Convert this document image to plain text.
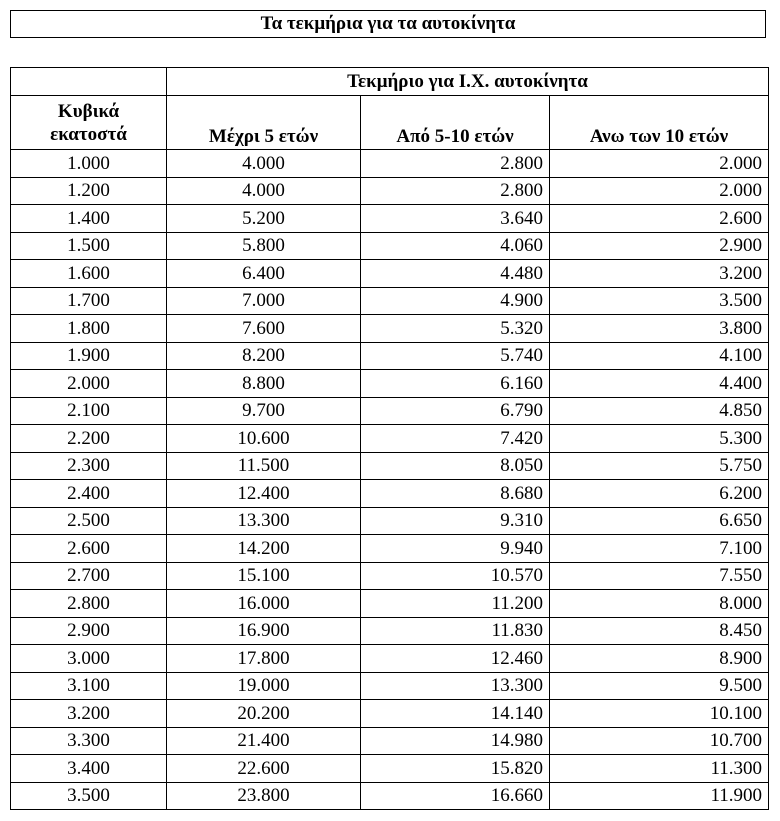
Τα τεκμήρια για τα αυτοκίνητα
	Τεκμήριο για Ι.Χ. αυτοκίνητα		
Κυβικά
εκατοστά	Μέχρι 5 ετών	Από 5-10 ετών	Ανω των 10 ετών
1.000	4.000	2.800	2.000
1.200	4.000	2.800	2.000
1.400	5.200	3.640	2.600
1.500	5.800	4.060	2.900
1.600	6.400	4.480	3.200
1.700	7.000	4.900	3.500
1.800	7.600	5.320	3.800
1.900	8.200	5.740	4.100
2.000	8.800	6.160	4.400
2.100	9.700	6.790	4.850
2.200	10.600	7.420	5.300
2.300	11.500	8.050	5.750
2.400	12.400	8.680	6.200
2.500	13.300	9.310	6.650
2.600	14.200	9.940	7.100
2.700	15.100	10.570	7.550
2.800	16.000	11.200	8.000
2.900	16.900	11.830	8.450
3.000	17.800	12.460	8.900
3.100	19.000	13.300	9.500
3.200	20.200	14.140	10.100
3.300	21.400	14.980	10.700
3.400	22.600	15.820	11.300
3.500	23.800	16.660	11.900
